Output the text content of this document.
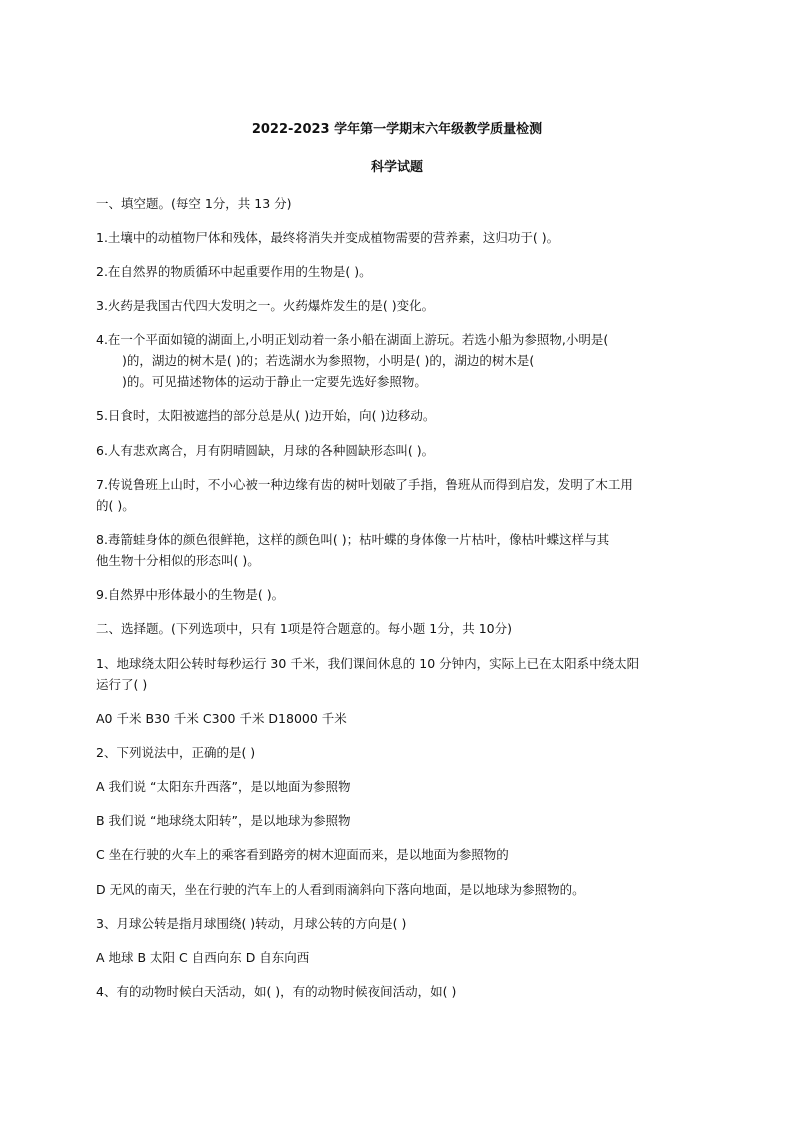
2022-2023 学年第一学期末六年级教学质量检测
科学试题
一、填空题。(每空 1分，共 13 分)
1.土壤中的动植物尸体和残体，最终将消失并变成植物需要的营养素，这归功于( )。
2.在自然界的物质循环中起重要作用的生物是( )。
3.火药是我国古代四大发明之一。火药爆炸发生的是( )变化。
4.在一个平面如镜的湖面上,小明正划动着一条小船在湖面上游玩。若选小船为参照物,小明是(
)的，湖边的树木是( )的；若选湖水为参照物，小明是( )的，湖边的树木是(
)的。可见描述物体的运动于静止一定要先选好参照物。
5.日食时，太阳被遮挡的部分总是从( )边开始，向( )边移动。
6.人有悲欢离合，月有阴晴圆缺，月球的各种圆缺形态叫( )。
7.传说鲁班上山时，不小心被一种边缘有齿的树叶划破了手指，鲁班从而得到启发，发明了木工用
的( )。
8.毒箭蛙身体的颜色很鲜艳，这样的颜色叫( )；枯叶蝶的身体像一片枯叶，像枯叶蝶这样与其
他生物十分相似的形态叫( )。
9.自然界中形体最小的生物是( )。
二、选择题。(下列选项中，只有 1项是符合题意的。每小题 1分，共 10分)
1、地球绕太阳公转时每秒运行 30 千米，我们课间休息的 10 分钟内，实际上已在太阳系中绕太阳
运行了( )
A0 千米 B30 千米 C300 千米 D18000 千米
2、下列说法中，正确的是( )
A 我们说 “太阳东升西落”，是以地面为参照物
B 我们说 “地球绕太阳转”，是以地球为参照物
C 坐在行驶的火车上的乘客看到路旁的树木迎面而来，是以地面为参照物的
D 无风的南天，坐在行驶的汽车上的人看到雨滴斜向下落向地面，是以地球为参照物的。
3、月球公转是指月球围绕( )转动，月球公转的方向是( )
A 地球 B 太阳 C 自西向东 D 自东向西
4、有的动物时候白天活动，如( )，有的动物时候夜间活动，如( )
